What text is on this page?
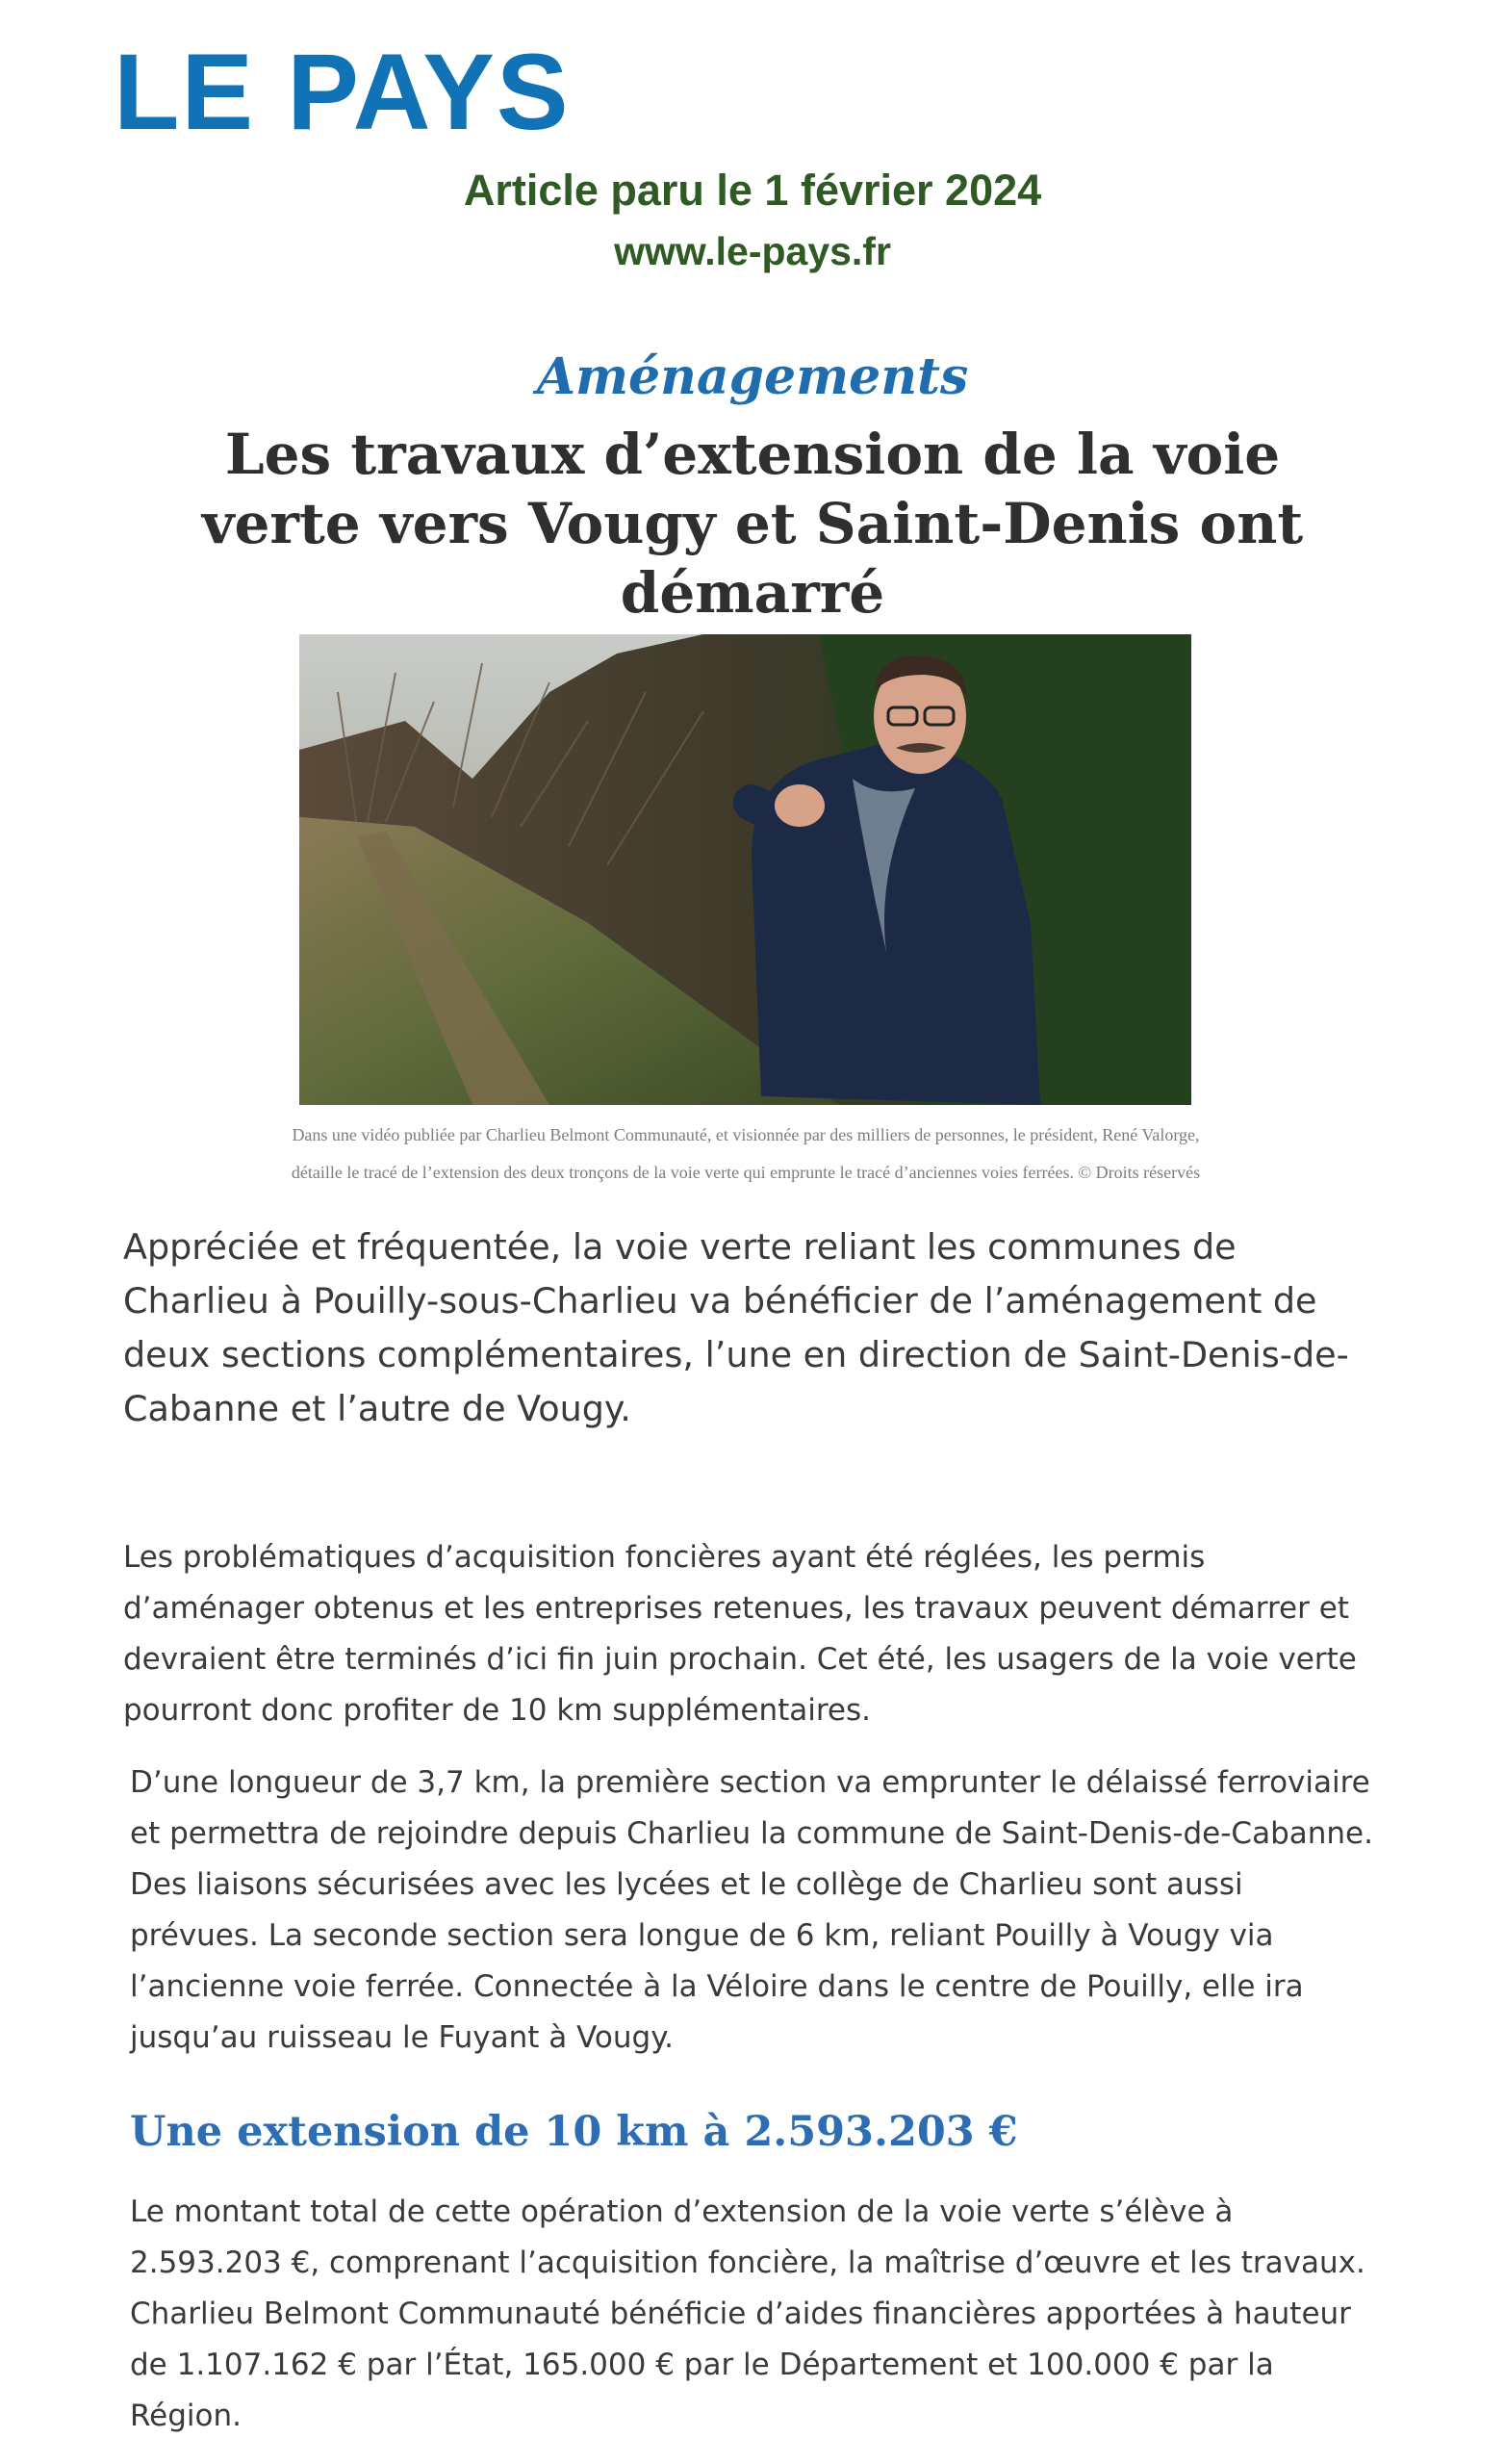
LE PAYS
Article paru le 1 février 2024
www.le-pays.fr
Aménagements
Les travaux d’extension de la voie verte vers Vougy et Saint-Denis ont démarré
Dans une vidéo publiée par Charlieu Belmont Communauté, et visionnée par des milliers de personnes, le président, René Valorge, détaille le tracé de l’extension des deux tronçons de la voie verte qui emprunte le tracé d’anciennes voies ferrées. © Droits réservés
Appréciée et fréquentée, la voie verte reliant les communes de Charlieu à Pouilly-sous-Charlieu va bénéficier de l’aménagement de deux sections complémentaires, l’une en direction de Saint-Denis-de-Cabanne et l’autre de Vougy.
Les problématiques d’acquisition foncières ayant été réglées, les permis d’aménager obtenus et les entreprises retenues, les travaux peuvent démarrer et devraient être terminés d’ici fin juin prochain. Cet été, les usagers de la voie verte pourront donc profiter de 10 km supplémentaires.
D’une longueur de 3,7 km, la première section va emprunter le délaissé ferroviaire et permettra de rejoindre depuis Charlieu la commune de Saint-Denis-de-Cabanne. Des liaisons sécurisées avec les lycées et le collège de Charlieu sont aussi prévues. La seconde section sera longue de 6 km, reliant Pouilly à Vougy via l’ancienne voie ferrée. Connectée à la Véloire dans le centre de Pouilly, elle ira jusqu’au ruisseau le Fuyant à Vougy.
Une extension de 10 km à 2.593.203 €
Le montant total de cette opération d’extension de la voie verte s’élève à 2.593.203 €, comprenant l’acquisition foncière, la maîtrise d’œuvre et les travaux. Charlieu Belmont Communauté bénéficie d’aides financières apportées à hauteur de 1.107.162 € par l’État, 165.000 € par le Département et 100.000 € par la Région.
